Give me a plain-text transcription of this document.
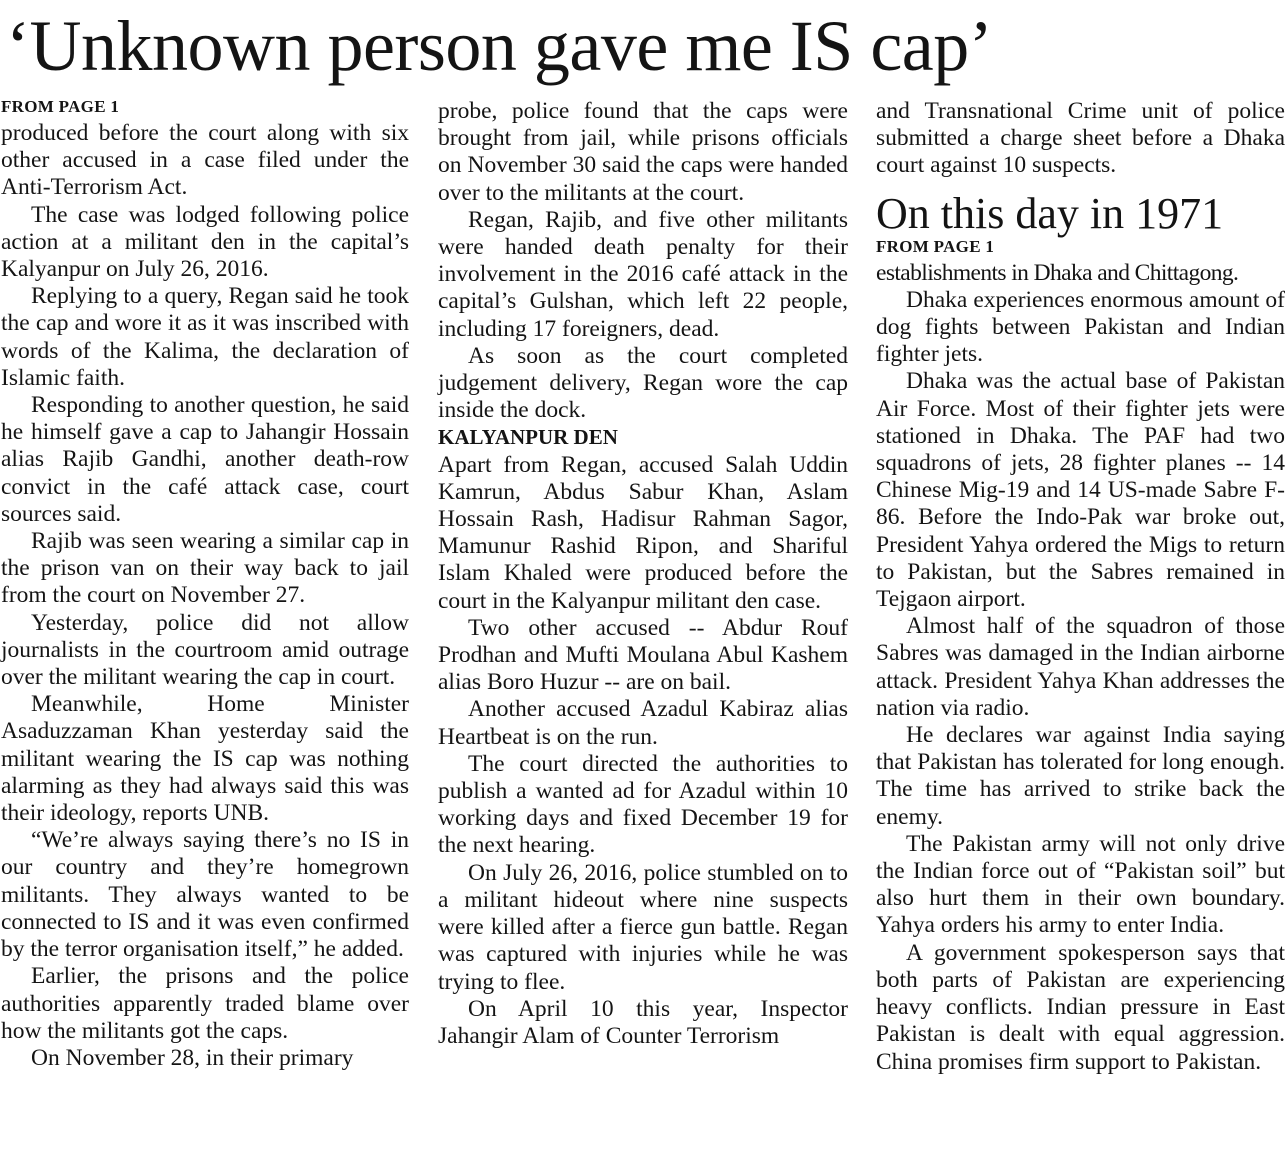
‘Unknown person gave me IS cap’
FROM PAGE 1

produced before the court along with six other accused in a case filed under the Anti-Terrorism Act.

The case was lodged following police action at a militant den in the capital’s Kalyanpur on July 26, 2016.

Replying to a query, Regan said he took the cap and wore it as it was inscribed with words of the Kalima, the declaration of Islamic faith.

Responding to another question, he said he himself gave a cap to Jahangir Hossain alias Rajib Gandhi, another death-row convict in the café attack case, court sources said.

Rajib was seen wearing a similar cap in the prison van on their way back to jail from the court on November 27.

Yesterday, police did not allow journalists in the courtroom amid outrage over the militant wearing the cap in court.

Meanwhile, Home Minister Asaduzzaman Khan yesterday said the militant wearing the IS cap was nothing alarming as they had always said this was their ideology, reports UNB.

“We’re always saying there’s no IS in our country and they’re homegrown militants. They always wanted to be connected to IS and it was even confirmed by the terror organisation itself,” he added.

Earlier, the prisons and the police authorities apparently traded blame over how the militants got the caps.

On November 28, in their primary

probe, police found that the caps were brought from jail, while prisons officials on November 30 said the caps were handed over to the militants at the court.

Regan, Rajib, and five other militants were handed death penalty for their involvement in the 2016 café attack in the capital’s Gulshan, which left 22 people, including 17 foreigners, dead.

As soon as the court completed judgement delivery, Regan wore the cap inside the dock.

KALYANPUR DEN

Apart from Regan, accused Salah Uddin Kamrun, Abdus Sabur Khan, Aslam Hossain Rash, Hadisur Rahman Sagor, Mamunur Rashid Ripon, and Shariful Islam Khaled were produced before the court in the Kalyanpur militant den case.

Two other accused -- Abdur Rouf Prodhan and Mufti Moulana Abul Kashem alias Boro Huzur -- are on bail.

Another accused Azadul Kabiraz alias Heartbeat is on the run.

The court directed the authorities to publish a wanted ad for Azadul within 10 working days and fixed December 19 for the next hearing.

On July 26, 2016, police stumbled on to a militant hideout where nine suspects were killed after a fierce gun battle. Regan was captured with injuries while he was trying to flee.

On April 10 this year, Inspector Jahangir Alam of Counter Terrorism

and Transnational Crime unit of police submitted a charge sheet before a Dhaka court against 10 suspects.

On this day in 1971
FROM PAGE 1

establishments in Dhaka and Chittagong.

Dhaka experiences enormous amount of dog fights between Pakistan and Indian fighter jets.

Dhaka was the actual base of Pakistan Air Force. Most of their fighter jets were stationed in Dhaka. The PAF had two squadrons of jets, 28 fighter planes -- 14 Chinese Mig-19 and 14 US-made Sabre F-86. Before the Indo-Pak war broke out, President Yahya ordered the Migs to return to Pakistan, but the Sabres remained in Tejgaon airport.

Almost half of the squadron of those Sabres was damaged in the Indian airborne attack. President Yahya Khan addresses the nation via radio.

He declares war against India saying that Pakistan has tolerated for long enough. The time has arrived to strike back the enemy.

The Pakistan army will not only drive the Indian force out of “Pakistan soil” but also hurt them in their own boundary. Yahya orders his army to enter India.

A government spokesperson says that both parts of Pakistan are experiencing heavy conflicts. Indian pressure in East Pakistan is dealt with equal aggression. China promises firm support to Pakistan.
